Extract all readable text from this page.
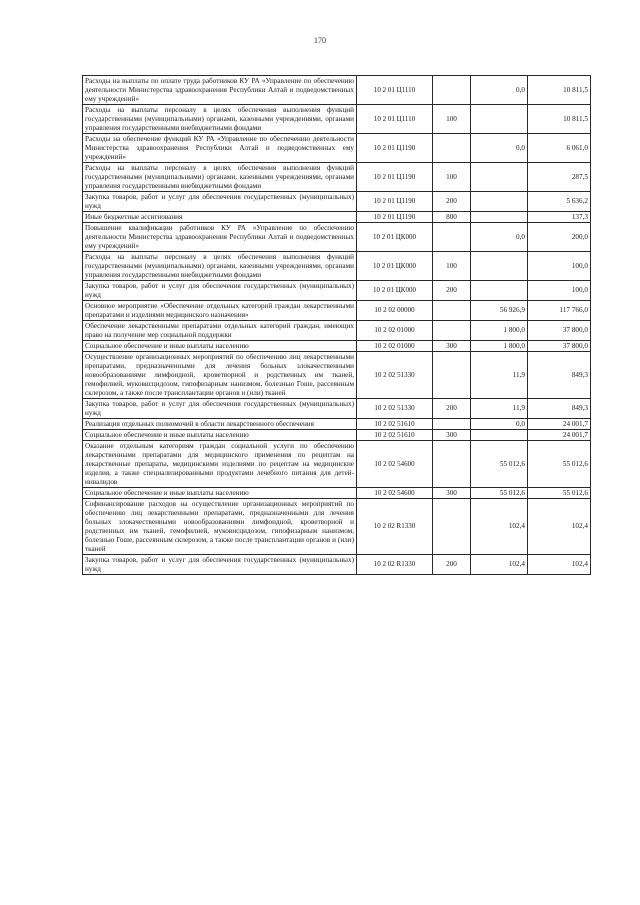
170
Расходы на выплаты по оплате труда работников КУ РА «Управление по обеспечению деятельности Министерства здравоохранения Республики Алтай и подведомственных ему учреждений»	10 2 01 Ц1110		0,0	10 811,5
Расходы на выплаты персоналу в целях обеспечения выполнения функций государственными (муниципальными) органами, казенными учреждениями, органами управления государственными внебюджетными фондами	10 2 01 Ц1110	100		10 811,5
Расходы на обеспечение функций КУ РА «Управление по обеспечению деятельности Министерства здравоохранения Республики Алтай и подведомственных ему учреждений»	10 2 01 Ц1190		0,0	6 061,0
Расходы на выплаты персоналу в целях обеспечения выполнения функций государственными (муниципальными) органами, казенными учреждениями, органами управления государственными внебюджетными фондами	10 2 01 Ц1190	100		287,5
Закупка товаров, работ и услуг для обеспечения государственных (муниципальных) нужд	10 2 01 Ц1190	200		5 636,2
Иные бюджетные ассигнования	10 2 01 Ц1190	800		137,3
Повышение квалификации работников КУ РА «Управление по обеспечению деятельности Министерства здравоохранения Республики Алтай и подведомственных ему учреждений»	10 2 01 ЦК000		0,0	200,0
Расходы на выплаты персоналу в целях обеспечения выполнения функций государственными (муниципальными) органами, казенными учреждениями, органами управления государственными внебюджетными фондами	10 2 01 ЦК000	100		100,0
Закупка товаров, работ и услуг для обеспечения государственных (муниципальных) нужд	10 2 01 ЦК000	200		100,0
Основное мероприятие «Обеспечение отдельных категорий граждан лекарственными препаратами и изделиями медицинского назначения»	10 2 02 00000		56 926,9	117 766,0
Обеспечение лекарственными препаратами отдельных категорий граждан, имеющих право на получение мер социальной поддержки	10 2 02 01000		1 800,0	37 800,0
Социальное обеспечение и иные выплаты населению	10 2 02 01000	300	1 800,0	37 800,0
Осуществление организационных мероприятий по обеспечению лиц лекарственными препаратами, предназначенными для лечения больных злокачественными новообразованиями лимфоидной, кроветворной и родственных им тканей, гемофилией, муковисцидозом, гипофизарным нанизмом, болезнью Гоше, рассеянным склерозом, а также после трансплантации органов и (или) тканей	10 2 02 51330		11,9	849,3
Закупка товаров, работ и услуг для обеспечения государственных (муниципальных) нужд	10 2 02 51330	200	11,9	849,3
Реализация отдельных полномочий в области лекарственного обеспечения	10 2 02 51610		0,0	24 001,7
Социальное обеспечение и иные выплаты населению	10 2 02 51610	300		24 001,7
Оказание отдельным категориям граждан социальной услуги по обеспечению лекарственными препаратами для медицинского применения по рецептам на лекарственные препараты, медицинскими изделиями по рецептам на медицинские изделия, а также специализированными продуктами лечебного питания для детей-инвалидов	10 2 02 54600		55 012,6	55 012,6
Социальное обеспечение и иные выплаты населению	10 2 02 54600	300	55 012,6	55 012,6
Софинансирование расходов на осуществление организационных мероприятий по обеспечению лиц лекарственными препаратами, предназначенными для лечения больных злокачественными новообразованиями лимфоидной, кроветворной и родственных им тканей, гемофилией, муковисцидозом, гипофизарным нанизмом, болезнью Гоше, рассеянным склерозом, а также после трансплантации органов и (или) тканей	10 2 02 R1330		102,4	102,4
Закупка товаров, работ и услуг для обеспечения государственных (муниципальных) нужд	10 2 02 R1330	200	102,4	102,4
